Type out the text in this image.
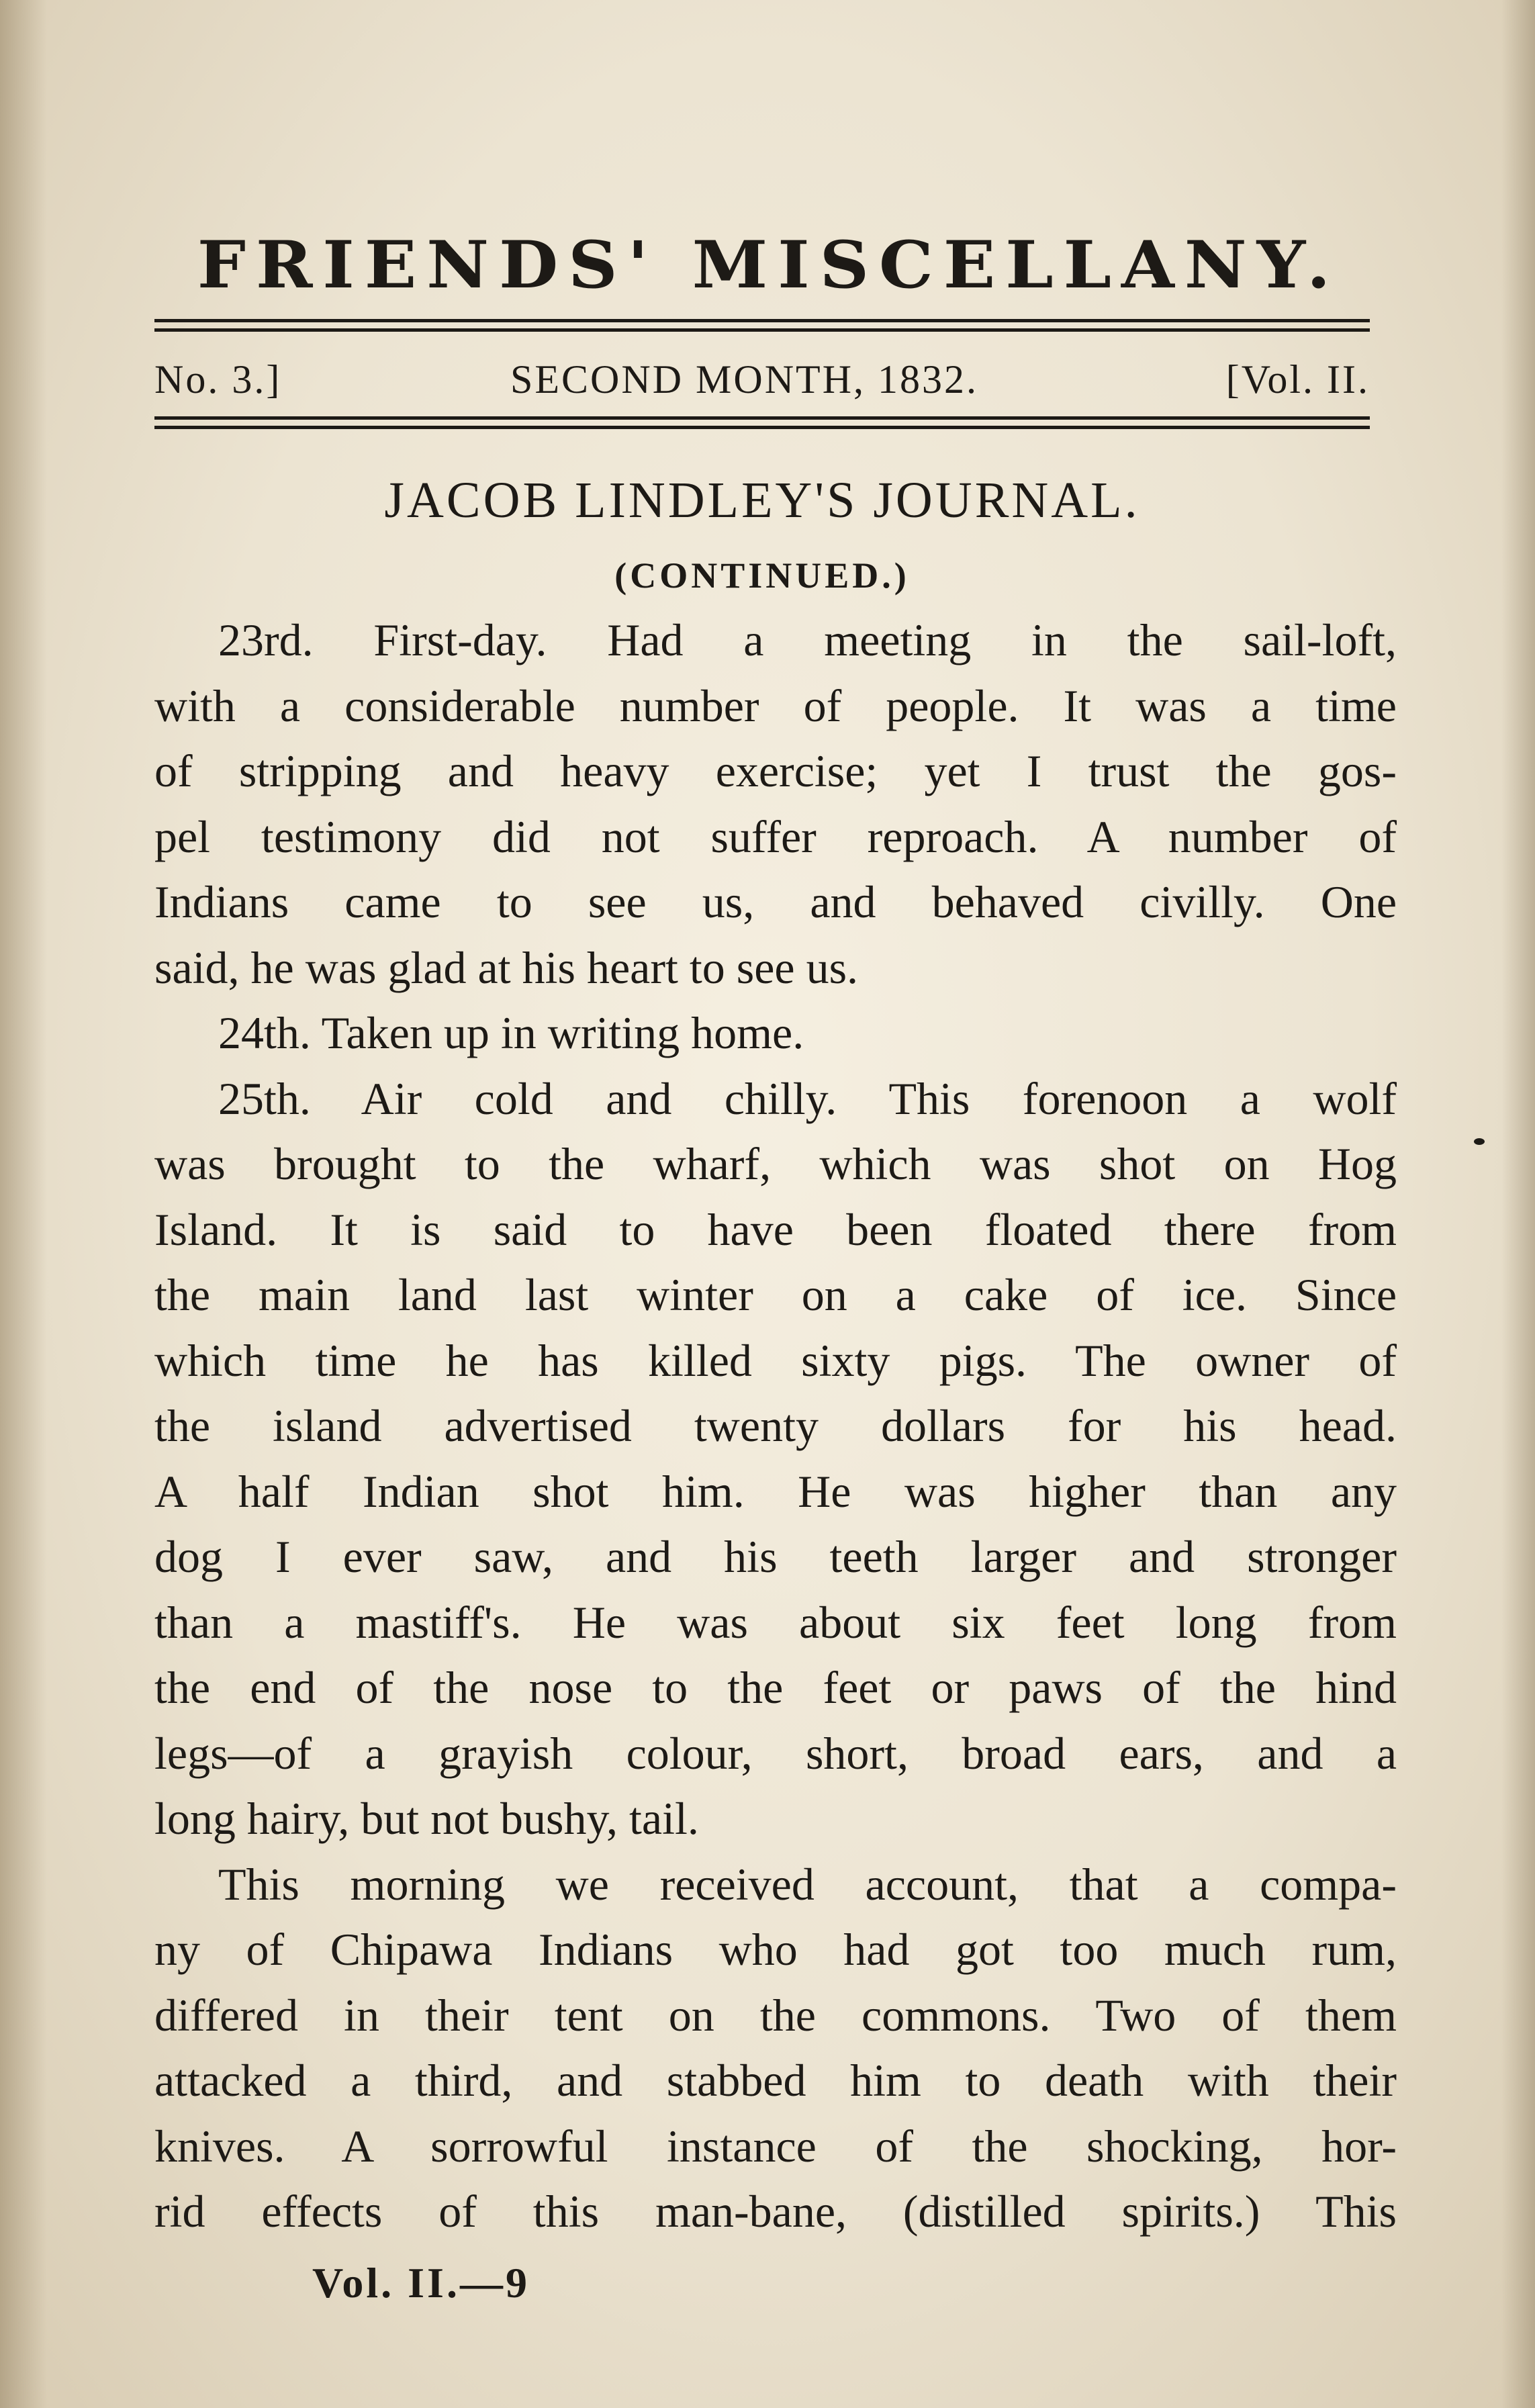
FRIENDS' MISCELLANY.
No. 3.]	SECOND MONTH, 1832.	[Vol. II.
JACOB LINDLEY'S JOURNAL.
(CONTINUED.)
23rd. First-day. Had a meeting in the sail-loft,
with a considerable number of people. It was a time
of stripping and heavy exercise; yet I trust the gos-
pel testimony did not suffer reproach. A number of
Indians came to see us, and behaved civilly. One
said, he was glad at his heart to see us.
24th. Taken up in writing home.
25th. Air cold and chilly. This forenoon a wolf
was brought to the wharf, which was shot on Hog
Island. It is said to have been floated there from
the main land last winter on a cake of ice. Since
which time he has killed sixty pigs. The owner of
the island advertised twenty dollars for his head.
A half Indian shot him. He was higher than any
dog I ever saw, and his teeth larger and stronger
than a mastiff's. He was about six feet long from
the end of the nose to the feet or paws of the hind
legs—of a grayish colour, short, broad ears, and a
long hairy, but not bushy, tail.
This morning we received account, that a compa-
ny of Chipawa Indians who had got too much rum,
differed in their tent on the commons. Two of them
attacked a third, and stabbed him to death with their
knives. A sorrowful instance of the shocking, hor-
rid effects of this man-bane, (distilled spirits.) This
Vol. II.—9
